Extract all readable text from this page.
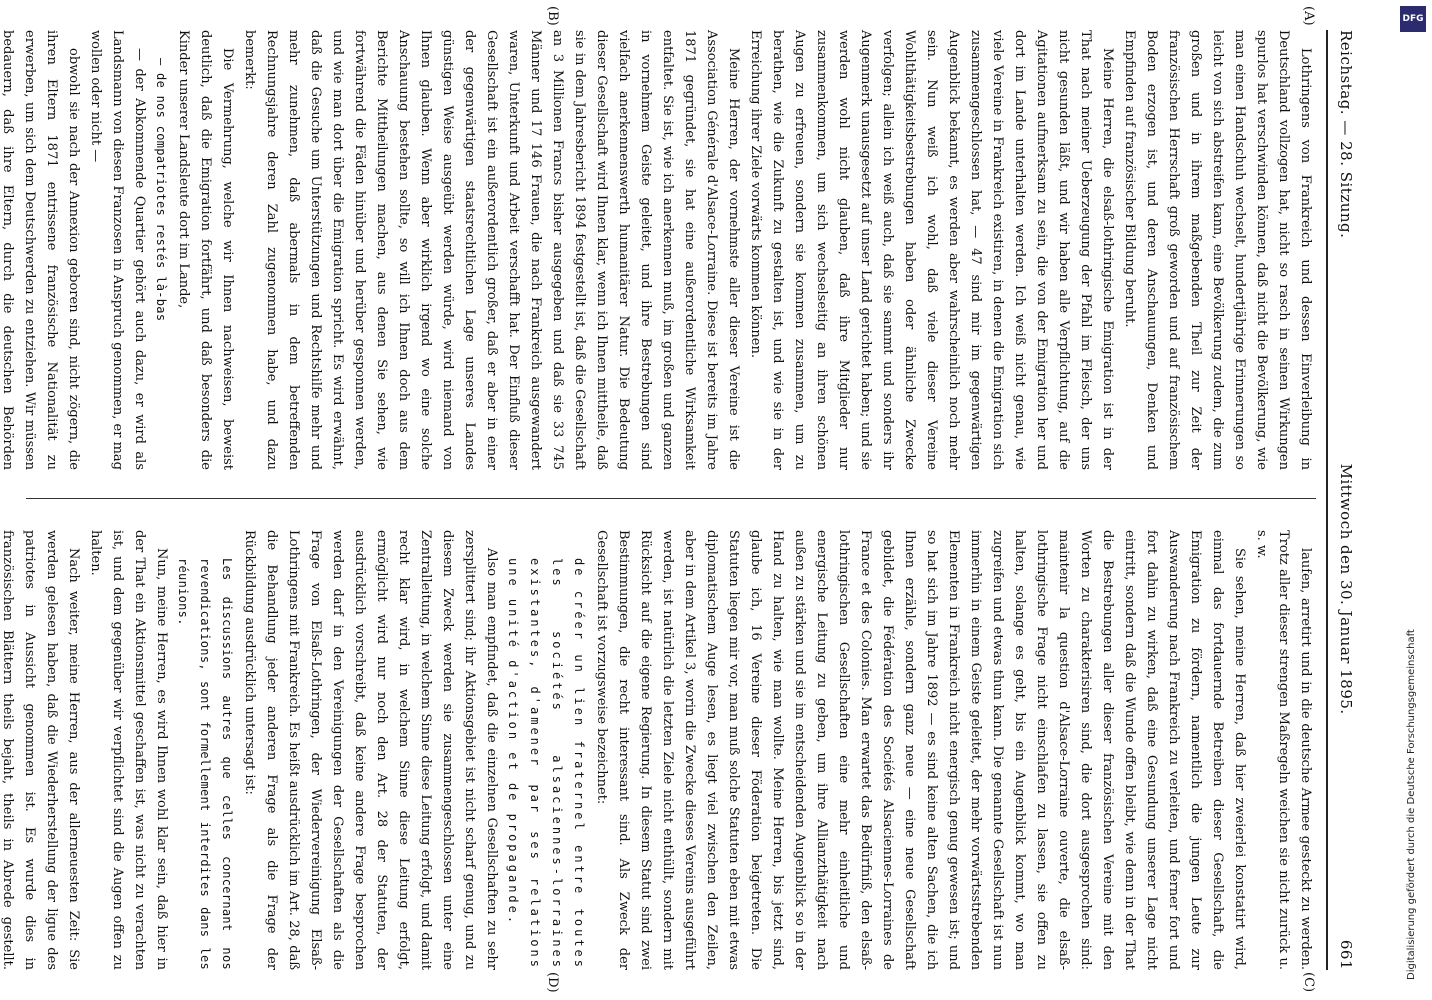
Reichstag. — 28. Sitzung.
Mittwoch den 30. Januar 1895.
661
(A)
(B)
(C)
(D)

Lothringens von Frankreich und dessen Einverleibung in Deutschland vollzogen hat, nicht so rasch in seinen Wirkungen spurlos hat verschwinden können, daß nicht die Bevölkerung, wie man einen Handschuh wechselt, hundertjährige Erinnerungen so leicht von sich abstreifen kann, eine Bevölkerung zudem, die zum großen und in ihrem maßgebenden Theil zur Zeit der französischen Herrschaft groß geworden und auf französischem Boden erzogen ist, und deren Anschauungen, Denken und Empfinden auf französischer Bildung beruht.

Meine Herren, die elsaß-lothringische Emigration ist in der That nach meiner Ueberzeugung der Pfahl im Fleisch, der uns nicht gesunden läßt, und wir haben alle Verpflichtung, auf die Agitationen aufmerksam zu sein, die von der Emigration her und dort im Lande unterhalten werden. Ich weiß nicht genau, wie viele Vereine in Frankreich existiren, in denen die Emigration sich zusammengeschlossen hat, — 47 sind mir im gegenwärtigen Augenblick bekannt, es werden aber wahrscheinlich noch mehr sein. Nun weiß ich wohl, daß viele dieser Vereine Wohlthätigkeitsbestrebungen haben oder ähnliche Zwecke verfolgen; allein ich weiß auch, daß sie sammt und sonders ihr Augenmerk unausgesetzt auf unser Land gerichtet haben; und sie werden wohl nicht glauben, daß ihre Mitglieder nur zusammenkommen, um sich wechselseitig an ihren schönen Augen zu erfreuen, sondern sie kommen zusammen, um zu berathen, wie die Zukunft zu gestalten ist, und wie sie in der Erreichung ihrer Ziele vorwärts kommen können.

Meine Herren, der vornehmste aller dieser Vereine ist die Association Générale d'Alsace-Lorraine. Diese ist bereits im Jahre 1871 gegründet, sie hat eine außerordentliche Wirksamkeit entfaltet. Sie ist, wie ich anerkennen muß, im großen und ganzen in vornehmem Geiste geleitet, und ihre Bestrebungen sind vielfach anerkennenswerth humanitärer Natur. Die Bedeutung dieser Gesellschaft wird Ihnen klar, wenn ich Ihnen mittheile, daß sie in dem Jahresbericht 1894 festgestellt ist, daß die Gesellschaft an 3 Millionen Francs bisher ausgegeben und daß sie 33 745 Männer und 17 146 Frauen, die nach Frankreich ausgewandert waren, Unterkunft und Arbeit verschafft hat. Der Einfluß dieser Gesellschaft ist ein außerordentlich großer, daß er aber in einer der gegenwärtigen staatsrechtlichen Lage unseres Landes günstigen Weise ausgeübt werden würde, wird niemand von Ihnen glauben. Wenn aber wirklich irgend wo eine solche Anschauung bestehen sollte, so will ich Ihnen doch aus dem Berichte Mittheilungen machen, aus denen Sie sehen, wie fortwährend die Fäden hinüber und herüber gesponnen werden, und wie man dort über die Emigration spricht. Es wird erwähnt, daß die Gesuche um Unterstützungen und Rechtshilfe mehr und mehr zunehmen, daß abermals in dem betreffenden Rechnungsjahre deren Zahl zugenommen habe, und dazu bemerkt:

Die Vermehrung, welche wir Ihnen nachweisen, beweist deutlich, daß die Emigration fortfährt, und daß besonders die Kinder unserer Landsleute dort im Lande,

— de nos compatriotes restés là-bas

— der Abkommende Quartier gehört auch dazu, er wird als Landsmann von diesen Franzosen in Anspruch genommen, er mag wollen oder nicht —

obwohl sie nach der Annexion geboren sind, nicht zögern, die ihren Eltern 1871 entrissene französische Nationalität zu erwerben, um sich dem Deutschwerden zu entziehen. Wir müssen bedauern, daß ihre Eltern, durch die deutschen Behörden

laufen, arretirt und in die deutsche Armee gesteckt zu werden. Trotz aller dieser strengen Maßregeln weichen sie nicht zurück u. s. w.

Sie sehen, meine Herren, daß hier zweierlei konstatirt wird, einmal das fortdauernde Betreiben dieser Gesellschaft, die Emigration zu fördern, namentlich die jungen Leute zur Auswanderung nach Frankreich zu verleiten, und ferner fort und fort dahin zu wirken, daß eine Gesundung unserer Lage nicht eintritt, sondern daß die Wunde offen bleibt, wie denn in der That die Bestrebungen aller dieser französischen Vereine mit den Worten zu charakterisiren sind, die dort ausgesprochen sind: maintenir la question d'Alsace-Lorraine ouverte, die elsaß-lothringische Frage nicht einschlafen zu lassen, sie offen zu halten, solange es geht, bis ein Augenblick kommt, wo man zugreifen und etwas thun kann. Die genannte Gesellschaft ist nun immerhin in einem Geiste geleitet, der mehr vorwärtsstrebenden Elementen in Frankreich nicht energisch genug gewesen ist; und so hat sich im Jahre 1892 — es sind keine alten Sachen, die ich Ihnen erzähle, sondern ganz neue — eine neue Gesellschaft gebildet, die Fédération des Sociétés Alsaciennes-Lorraines de France et des Colonies. Man erwartet das Bedürfniß, den elsaß-lothringischen Gesellschaften eine mehr einheitliche und energische Leitung zu geben, um ihre Allianzthätigkeit nach außen zu stärken und sie im entscheidenden Augenblick so in der Hand zu halten, wie man wollte. Meine Herren, bis jetzt sind, glaube ich, 16 Vereine dieser Föderation beigetreten. Die Statuten liegen mir vor, man muß solche Statuten eben mit etwas diplomatischem Auge lesen, es liegt viel zwischen den Zeilen, aber in dem Artikel 3, worin die Zwecke dieses Vereins ausgeführt werden, ist natürlich die letzten Ziele nicht enthüllt, sondern mit Rücksicht auf die eigene Regierung. In diesem Statut sind zwei Bestimmungen, die recht interessant sind. Als Zweck der Gesellschaft ist vorzugsweise bezeichnet:

de créer un lien fraternel entre toutes les sociétés alsaciennes-lorraines existantes, d'amener par ses relations une unité d'action et de propagande.

Also man empfindet, daß die einzelnen Gesellschaften zu sehr zersplittert sind; ihr Aktionsgebiet ist nicht scharf genug, und zu diesem Zweck werden sie zusammengeschlossen unter eine Zentralleitung, in welchem Sinne diese Leitung erfolgt, und damit recht klar wird, in welchem Sinne diese Leitung erfolgt, ermöglicht wird nur noch den Art. 28 der Statuten, der ausdrücklich vorschreibt, daß keine andere Frage besprochen werden darf in den Vereinigungen der Gesellschaften als die Frage von Elsaß-Lothringen, der Wiedervereinigung Elsaß-Lothringens mit Frankreich. Es heißt ausdrücklich im Art. 28, daß die Behandlung jeder anderen Frage als die Frage der Rückbildung ausdrücklich untersagt ist:

Les discussions autres que celles concernant nos revendications, sont formellement interdites dans les réunions.

Nun, meine Herren, es wird Ihnen wohl klar sein, daß hier in der That ein Aktionsmittel geschaffen ist, was nicht zu verachten ist, und dem gegenüber wir verpflichtet sind die Augen offen zu halten.

Nach weiter, meine Herren, aus der allerneuesten Zeit: Sie werden gelesen haben, daß die Wiederherstellung der ligue des patriotes in Aussicht genommen ist. Es wurde dies in französischen Blättern theils bejaht, theils in Abrede gestellt.	Digitalisierung gefördert durch die Deutsche Forschungsgemeinschaft
DFG
